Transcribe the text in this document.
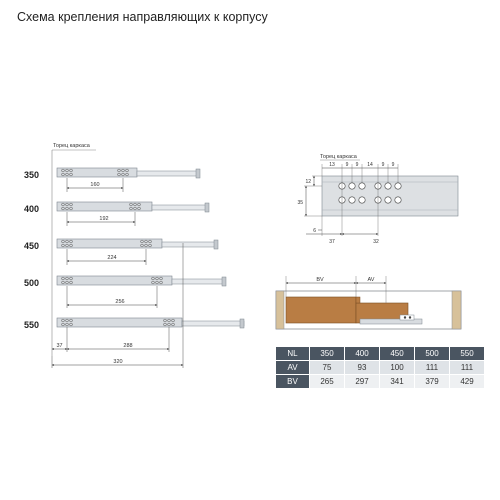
Схема крепления направляющих к корпусу
Торец каркаса
350
400
450
500
550
160
192
224
256
288
37
320
Торец каркаса
13 9 9 14 9 9
12
35
6
37	32
BV	AV
NL	350	400	450	500	550
AV	75	93	100	111	111
BV	265	297	341	379	429
